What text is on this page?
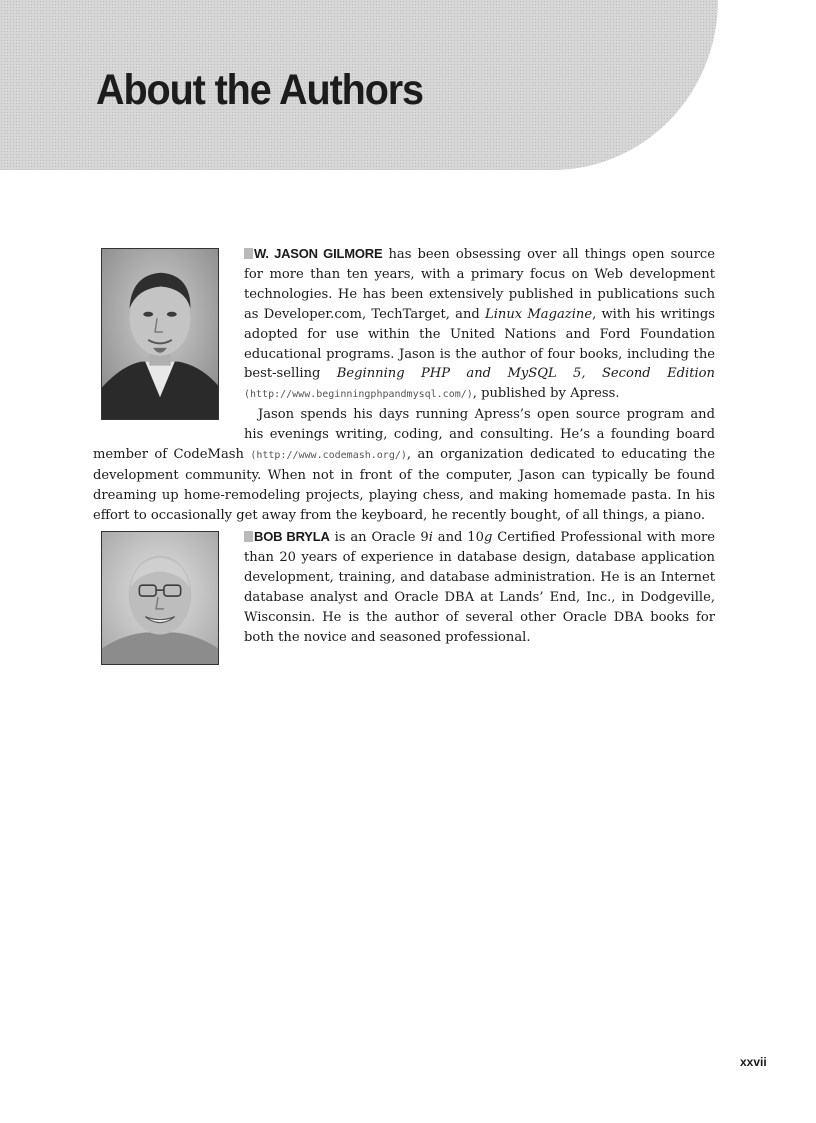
About the Authors

W. JASON GILMORE has been obsessing over all things open source for more than ten years, with a primary focus on Web development technologies. He has been extensively published in publications such as Developer.com, TechTarget, and Linux Magazine, with his writings adopted for use within the United Nations and Ford Foundation educational programs. Jason is the author of four books, including the best-selling Beginning PHP and MySQL 5, Second Edition (http://www.beginningphpandmysql.com/), published by Apress.

Jason spends his days running Apress’s open source program and his evenings writing, coding, and consulting. He’s a founding board member of CodeMash (http://www.codemash.org/), an organization dedicated to educating the development community. When not in front of the computer, Jason can typically be found dreaming up home-remodeling projects, playing chess, and making homemade pasta. In his effort to occasionally get away from the keyboard, he recently bought, of all things, a piano.

BOB BRYLA is an Oracle 9i and 10g Certified Professional with more than 20 years of experience in database design, database application development, training, and database administration. He is an Internet database analyst and Oracle DBA at Lands’ End, Inc., in Dodgeville, Wisconsin. He is the author of several other Oracle DBA books for both the novice and seasoned professional.

xxvii
